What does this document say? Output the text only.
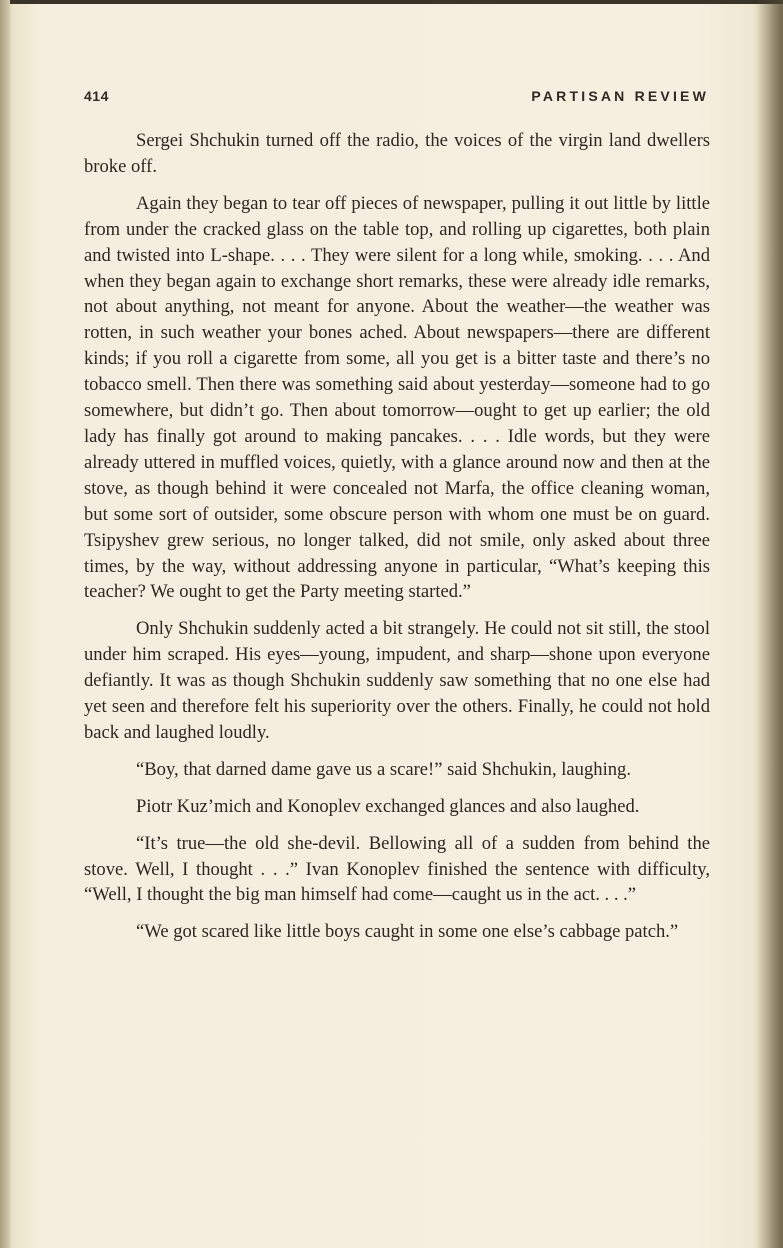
414	PARTISAN REVIEW

Sergei Shchukin turned off the radio, the voices of the virgin land dwellers broke off.

Again they began to tear off pieces of newspaper, pulling it out little by little from under the cracked glass on the table top, and rolling up cigarettes, both plain and twisted into L-shape. . . . They were silent for a long while, smoking. . . . And when they began again to exchange short remarks, these were already idle remarks, not about anything, not meant for anyone. About the weather—the weather was rotten, in such weather your bones ached. About newspapers—there are different kinds; if you roll a cigarette from some, all you get is a bitter taste and there’s no tobacco smell. Then there was something said about yesterday—someone had to go somewhere, but didn’t go. Then about tomorrow—ought to get up earlier; the old lady has finally got around to making pancakes. . . . Idle words, but they were already uttered in muffled voices, quietly, with a glance around now and then at the stove, as though behind it were concealed not Marfa, the office cleaning woman, but some sort of outsider, some obscure person with whom one must be on guard. Tsipyshev grew serious, no longer talked, did not smile, only asked about three times, by the way, without addressing anyone in particular, “What’s keeping this teacher? We ought to get the Party meeting started.”

Only Shchukin suddenly acted a bit strangely. He could not sit still, the stool under him scraped. His eyes—young, impudent, and sharp—shone upon everyone defiantly. It was as though Shchukin suddenly saw something that no one else had yet seen and therefore felt his superiority over the others. Finally, he could not hold back and laughed loudly.

“Boy, that darned dame gave us a scare!” said Shchukin, laughing.

Piotr Kuz’mich and Konoplev exchanged glances and also laughed.

“It’s true—the old she-devil. Bellowing all of a sudden from behind the stove. Well, I thought . . .” Ivan Konoplev finished the sentence with difficulty, “Well, I thought the big man himself had come—caught us in the act. . . .”

“We got scared like little boys caught in some one else’s cabbage patch.”
